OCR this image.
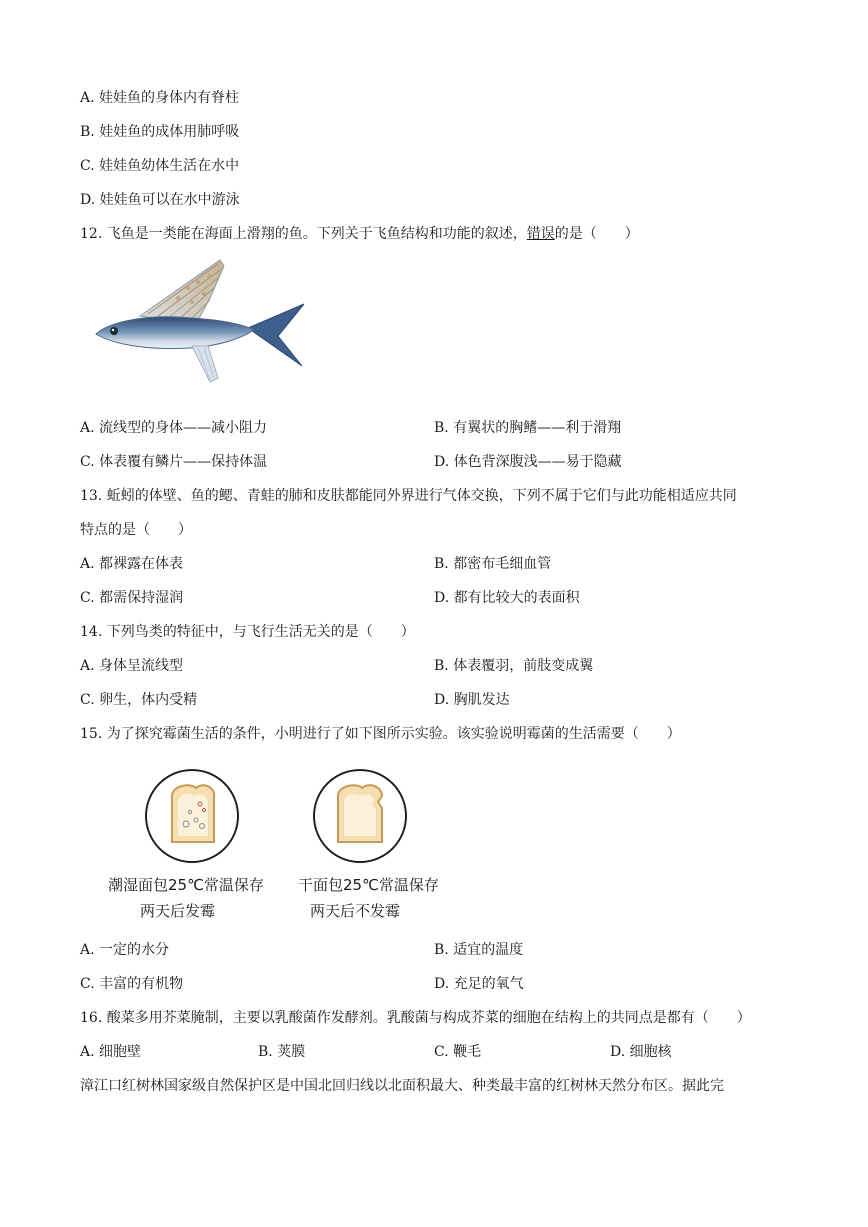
A. 娃娃鱼的身体内有脊柱
B. 娃娃鱼的成体用肺呼吸
C. 娃娃鱼幼体生活在水中
D. 娃娃鱼可以在水中游泳
12. 飞鱼是一类能在海面上滑翔的鱼。下列关于飞鱼结构和功能的叙述，错误的是（　　）
A. 流线型的身体——减小阻力	B. 有翼状的胸鳍——利于滑翔
C. 体表覆有鳞片——保持体温	D. 体色背深腹浅——易于隐藏
13. 蚯蚓的体壁、鱼的鳃、青蛙的肺和皮肤都能同外界进行气体交换，下列不属于它们与此功能相适应共同
特点的是（　　）
A. 都裸露在体表	B. 都密布毛细血管
C. 都需保持湿润	D. 都有比较大的表面积
14. 下列鸟类的特征中，与飞行生活无关的是（　　）
A. 身体呈流线型	B. 体表覆羽，前肢变成翼
C. 卵生，体内受精	D. 胸肌发达
15. 为了探究霉菌生活的条件，小明进行了如下图所示实验。该实验说明霉菌的生活需要（　　）
潮湿面包25℃常温保存
两天后发霉
干面包25℃常温保存
两天后不发霉
A. 一定的水分	B. 适宜的温度
C. 丰富的有机物	D. 充足的氧气
16. 酸菜多用芥菜腌制，主要以乳酸菌作发酵剂。乳酸菌与构成芥菜的细胞在结构上的共同点是都有（　　）
A. 细胞壁	B. 荚膜	C. 鞭毛	D. 细胞核
漳江口红树林国家级自然保护区是中国北回归线以北面积最大、种类最丰富的红树林天然分布区。据此完
